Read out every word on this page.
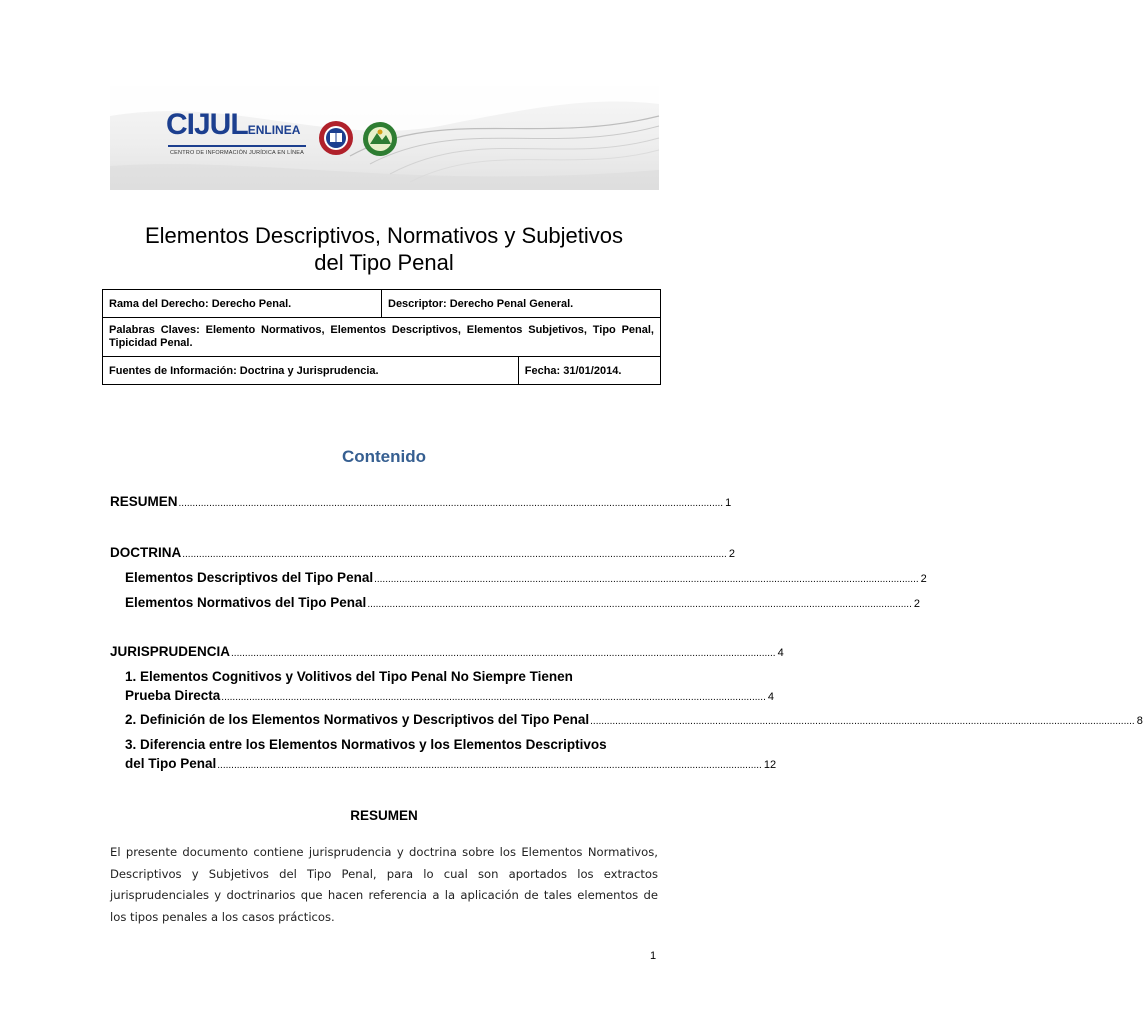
CIJULENLINEA
CENTRO DE INFORMACIÓN JURÍDICA EN LÍNEA
Elementos Descriptivos, Normativos y Subjetivos
del Tipo Penal
Rama del Derecho: Derecho Penal.	Descriptor: Derecho Penal General.	
Palabras Claves: Elemento Normativos, Elementos Descriptivos, Elementos Subjetivos, Tipo Penal, Tipicidad Penal.		
Fuentes de Información: Doctrina y Jurisprudencia.		Fecha: 31/01/2014.
Contenido
RESUMEN .................................................................................................................................................................................................... 1
DOCTRINA .................................................................................................................................................................................................... 2
Elementos Descriptivos del Tipo Penal .................................................................................................................................................................................................... 2
Elementos Normativos del Tipo Penal .................................................................................................................................................................................................... 2
JURISPRUDENCIA .................................................................................................................................................................................................... 4
1. Elementos Cognitivos y Volitivos del Tipo Penal No Siempre Tienen
Prueba Directa .................................................................................................................................................................................................... 4
2. Definición de los Elementos Normativos y Descriptivos del Tipo Penal .................................................................................................................................................................................................... 8
3. Diferencia entre los Elementos Normativos y los Elementos Descriptivos
del Tipo Penal .................................................................................................................................................................................................... 12
RESUMEN
El presente documento contiene jurisprudencia y doctrina sobre los Elementos Normativos, Descriptivos y Subjetivos del Tipo Penal, para lo cual son aportados los extractos jurisprudenciales y doctrinarios que hacen referencia a la aplicación de tales elementos de los tipos penales a los casos prácticos.
1
